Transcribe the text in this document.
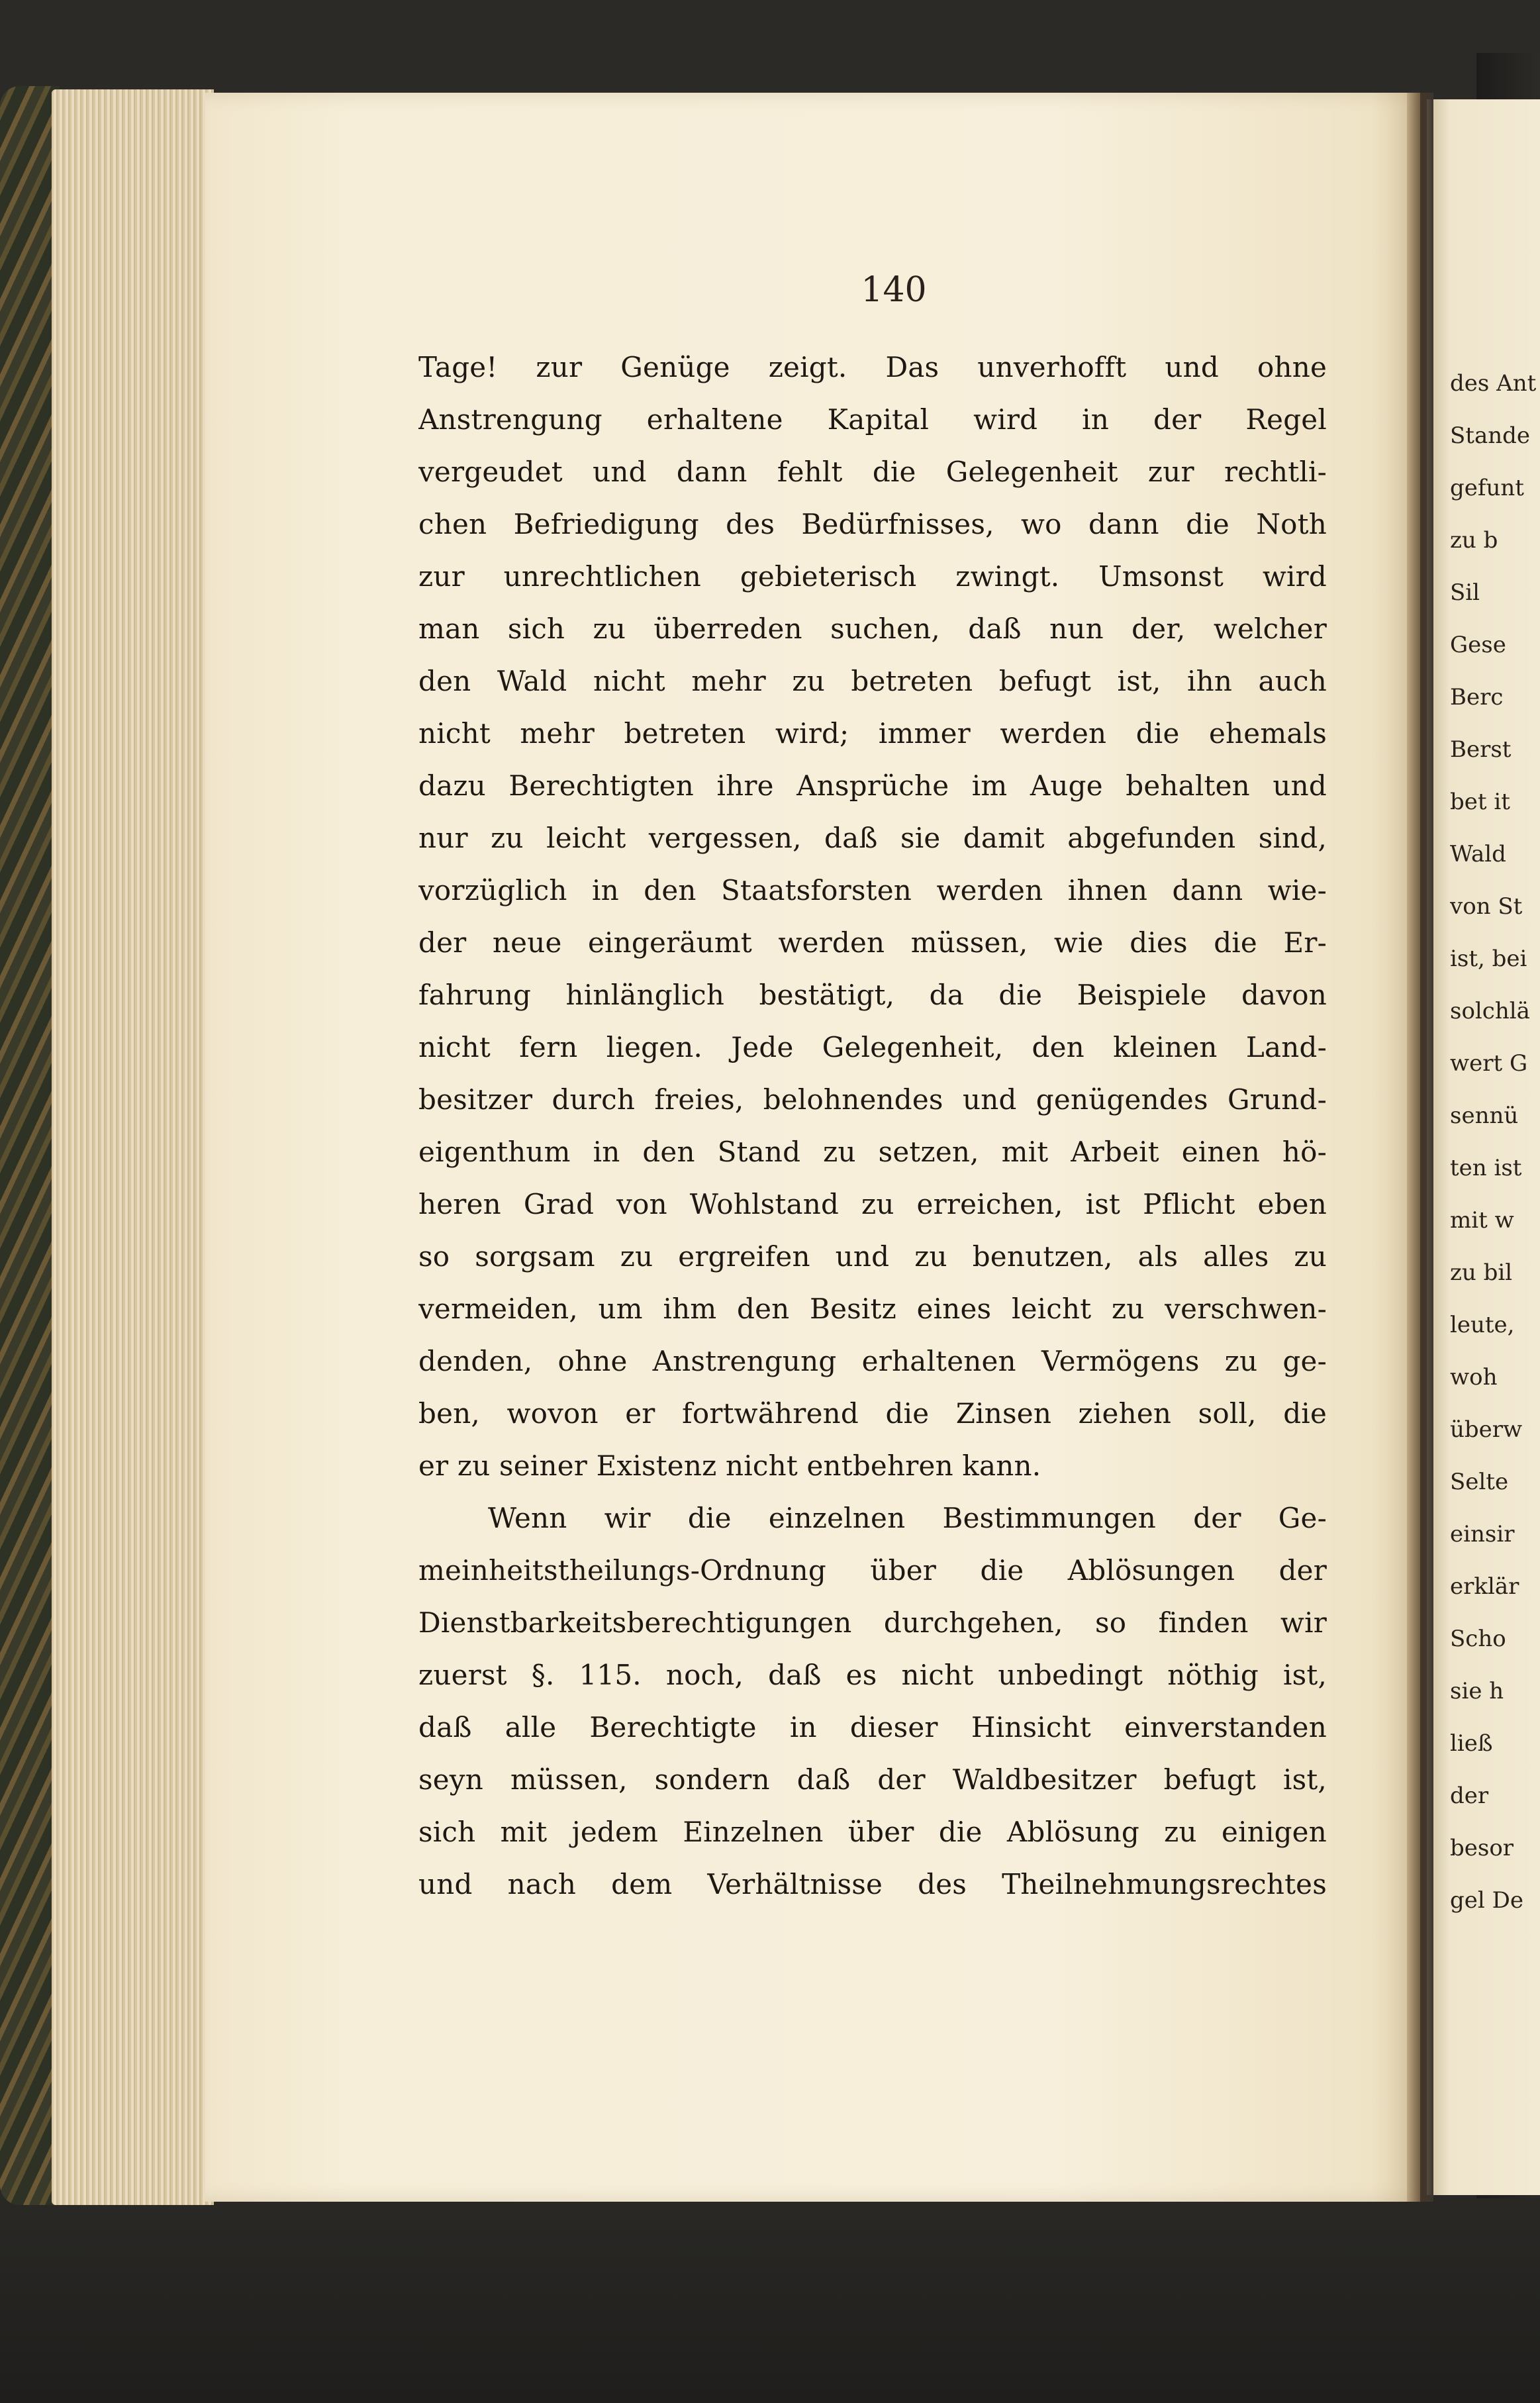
140
Tage! zur Genüge zeigt. Das unverhofft und ohne
Anstrengung erhaltene Kapital wird in der Regel
vergeudet und dann fehlt die Gelegenheit zur rechtli-
chen Befriedigung des Bedürfnisses, wo dann die Noth
zur unrechtlichen gebieterisch zwingt. Umsonst wird
man sich zu überreden suchen, daß nun der, welcher
den Wald nicht mehr zu betreten befugt ist, ihn auch
nicht mehr betreten wird; immer werden die ehemals
dazu Berechtigten ihre Ansprüche im Auge behalten und
nur zu leicht vergessen, daß sie damit abgefunden sind,
vorzüglich in den Staatsforsten werden ihnen dann wie-
der neue eingeräumt werden müssen, wie dies die Er-
fahrung hinlänglich bestätigt, da die Beispiele davon
nicht fern liegen. Jede Gelegenheit, den kleinen Land-
besitzer durch freies, belohnendes und genügendes Grund-
eigenthum in den Stand zu setzen, mit Arbeit einen hö-
heren Grad von Wohlstand zu erreichen, ist Pflicht eben
so sorgsam zu ergreifen und zu benutzen, als alles zu
vermeiden, um ihm den Besitz eines leicht zu verschwen-
denden, ohne Anstrengung erhaltenen Vermögens zu ge-
ben, wovon er fortwährend die Zinsen ziehen soll, die
er zu seiner Existenz nicht entbehren kann.
Wenn wir die einzelnen Bestimmungen der Ge-
meinheitstheilungs-Ordnung über die Ablösungen der
Dienstbarkeitsberechtigungen durchgehen, so finden wir
zuerst §. 115. noch, daß es nicht unbedingt nöthig ist,
daß alle Berechtigte in dieser Hinsicht einverstanden
seyn müssen, sondern daß der Waldbesitzer befugt ist,
sich mit jedem Einzelnen über die Ablösung zu einigen
und nach dem Verhältnisse des Theilnehmungsrechtes
des Ant
Stande
gefunt
zu b
Sil
Gese
Berc
Berst
bet it
Wald
von St
ist, bei
solchlä
wert G
sennü
ten ist
mit w
zu bil
leute,
woh
überw
Selte
einsir
erklär
Scho
sie h
ließ
der
besor
gel De
